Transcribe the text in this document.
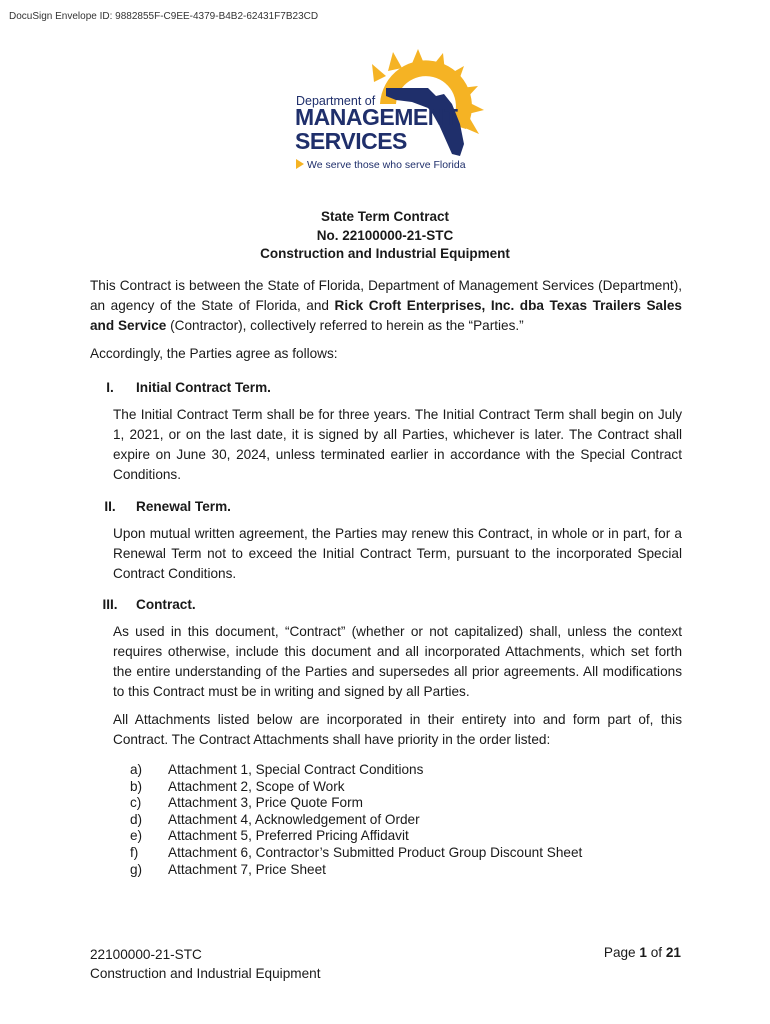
DocuSign Envelope ID: 9882855F-C9EE-4379-B4B2-62431F7B23CD
Department of
MANAGEMENT
SERVICES
We serve those who serve Florida
State Term Contract
No. 22100000-21-STC
Construction and Industrial Equipment
This Contract is between the State of Florida, Department of Management Services (Department), an agency of the State of Florida, and Rick Croft Enterprises, Inc. dba Texas Trailers Sales and Service (Contractor), collectively referred to herein as the “Parties.”
Accordingly, the Parties agree as follows:
I.	Initial Contract Term.
The Initial Contract Term shall be for three years. The Initial Contract Term shall begin on July 1, 2021, or on the last date, it is signed by all Parties, whichever is later. The Contract shall expire on June 30, 2024, unless terminated earlier in accordance with the Special Contract Conditions.
II.	Renewal Term.
Upon mutual written agreement, the Parties may renew this Contract, in whole or in part, for a Renewal Term not to exceed the Initial Contract Term, pursuant to the incorporated Special Contract Conditions.
III.	Contract.
As used in this document, “Contract” (whether or not capitalized) shall, unless the context requires otherwise, include this document and all incorporated Attachments, which set forth the entire understanding of the Parties and supersedes all prior agreements. All modifications to this Contract must be in writing and signed by all Parties.
All Attachments listed below are incorporated in their entirety into and form part of, this Contract. The Contract Attachments shall have priority in the order listed:
a) Attachment 1, Special Contract Conditions
b) Attachment 2, Scope of Work
c) Attachment 3, Price Quote Form
d) Attachment 4, Acknowledgement of Order
e) Attachment 5, Preferred Pricing Affidavit
f) Attachment 6, Contractor’s Submitted Product Group Discount Sheet
g) Attachment 7, Price Sheet
22100000-21-STC
Construction and Industrial Equipment
Page 1 of 21
